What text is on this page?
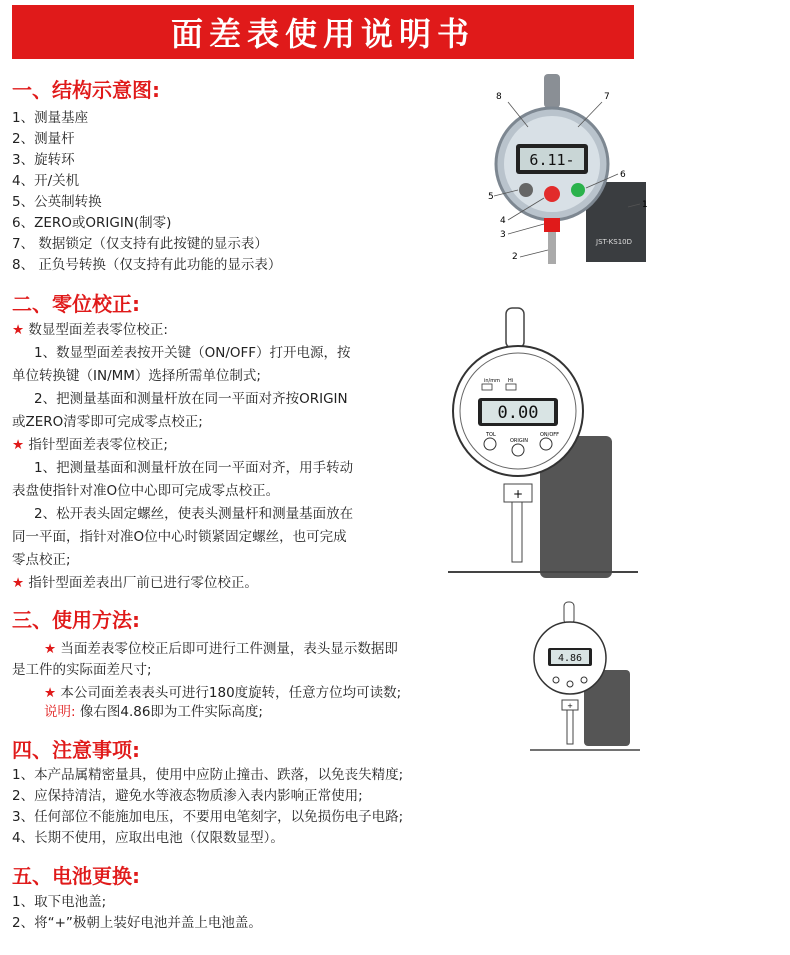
面差表使用说明书
一、结构示意图:
1、测量基座
2、测量杆
3、旋转环
4、开/关机
5、公英制转换
6、ZERO或ORIGIN(制零)
7、 数据锁定（仅支持有此按键的显示表）
8、 正负号转换（仅支持有此功能的显示表）
二、零位校正:
★ 数显型面差表零位校正:
1、数显型面差表按开关键（ON/OFF）打开电源，按
单位转换键（IN/MM）选择所需单位制式;
2、把测量基面和测量杆放在同一平面对齐按ORIGIN
或ZERO清零即可完成零点校正;
★ 指针型面差表零位校正;
1、把测量基面和测量杆放在同一平面对齐，用手转动
表盘使指针对准O位中心即可完成零点校正。
2、松开表头固定螺丝，使表头测量杆和测量基面放在
同一平面，指针对准O位中心时锁紧固定螺丝，也可完成
零点校正;
★ 指针型面差表出厂前已进行零位校正。
三、使用方法:
★ 当面差表零位校正后即可进行工件测量，表头显示数据即
是工件的实际面差尺寸;
★ 本公司面差表表头可进行180度旋转，任意方位均可读数;
说明: 像右图4.86即为工件实际高度;
四、注意事项:
1、本产品属精密量具，使用中应防止撞击、跌落，以免丧失精度;
2、应保持清洁，避免水等液态物质渗入表内影响正常使用;
3、任何部位不能施加电压，不要用电笔刻字，以免损伤电子电路;
4、长期不使用，应取出电池（仅限数显型）。
五、电池更换:
1、取下电池盖;
2、将“+”极朝上装好电池并盖上电池盖。
6.11-
JST-KS10D
1
2
3
4
5
6
7
8
0.00
in/mm Hi
TOL
ORIGIN
ON/OFF
+
4.86
+
